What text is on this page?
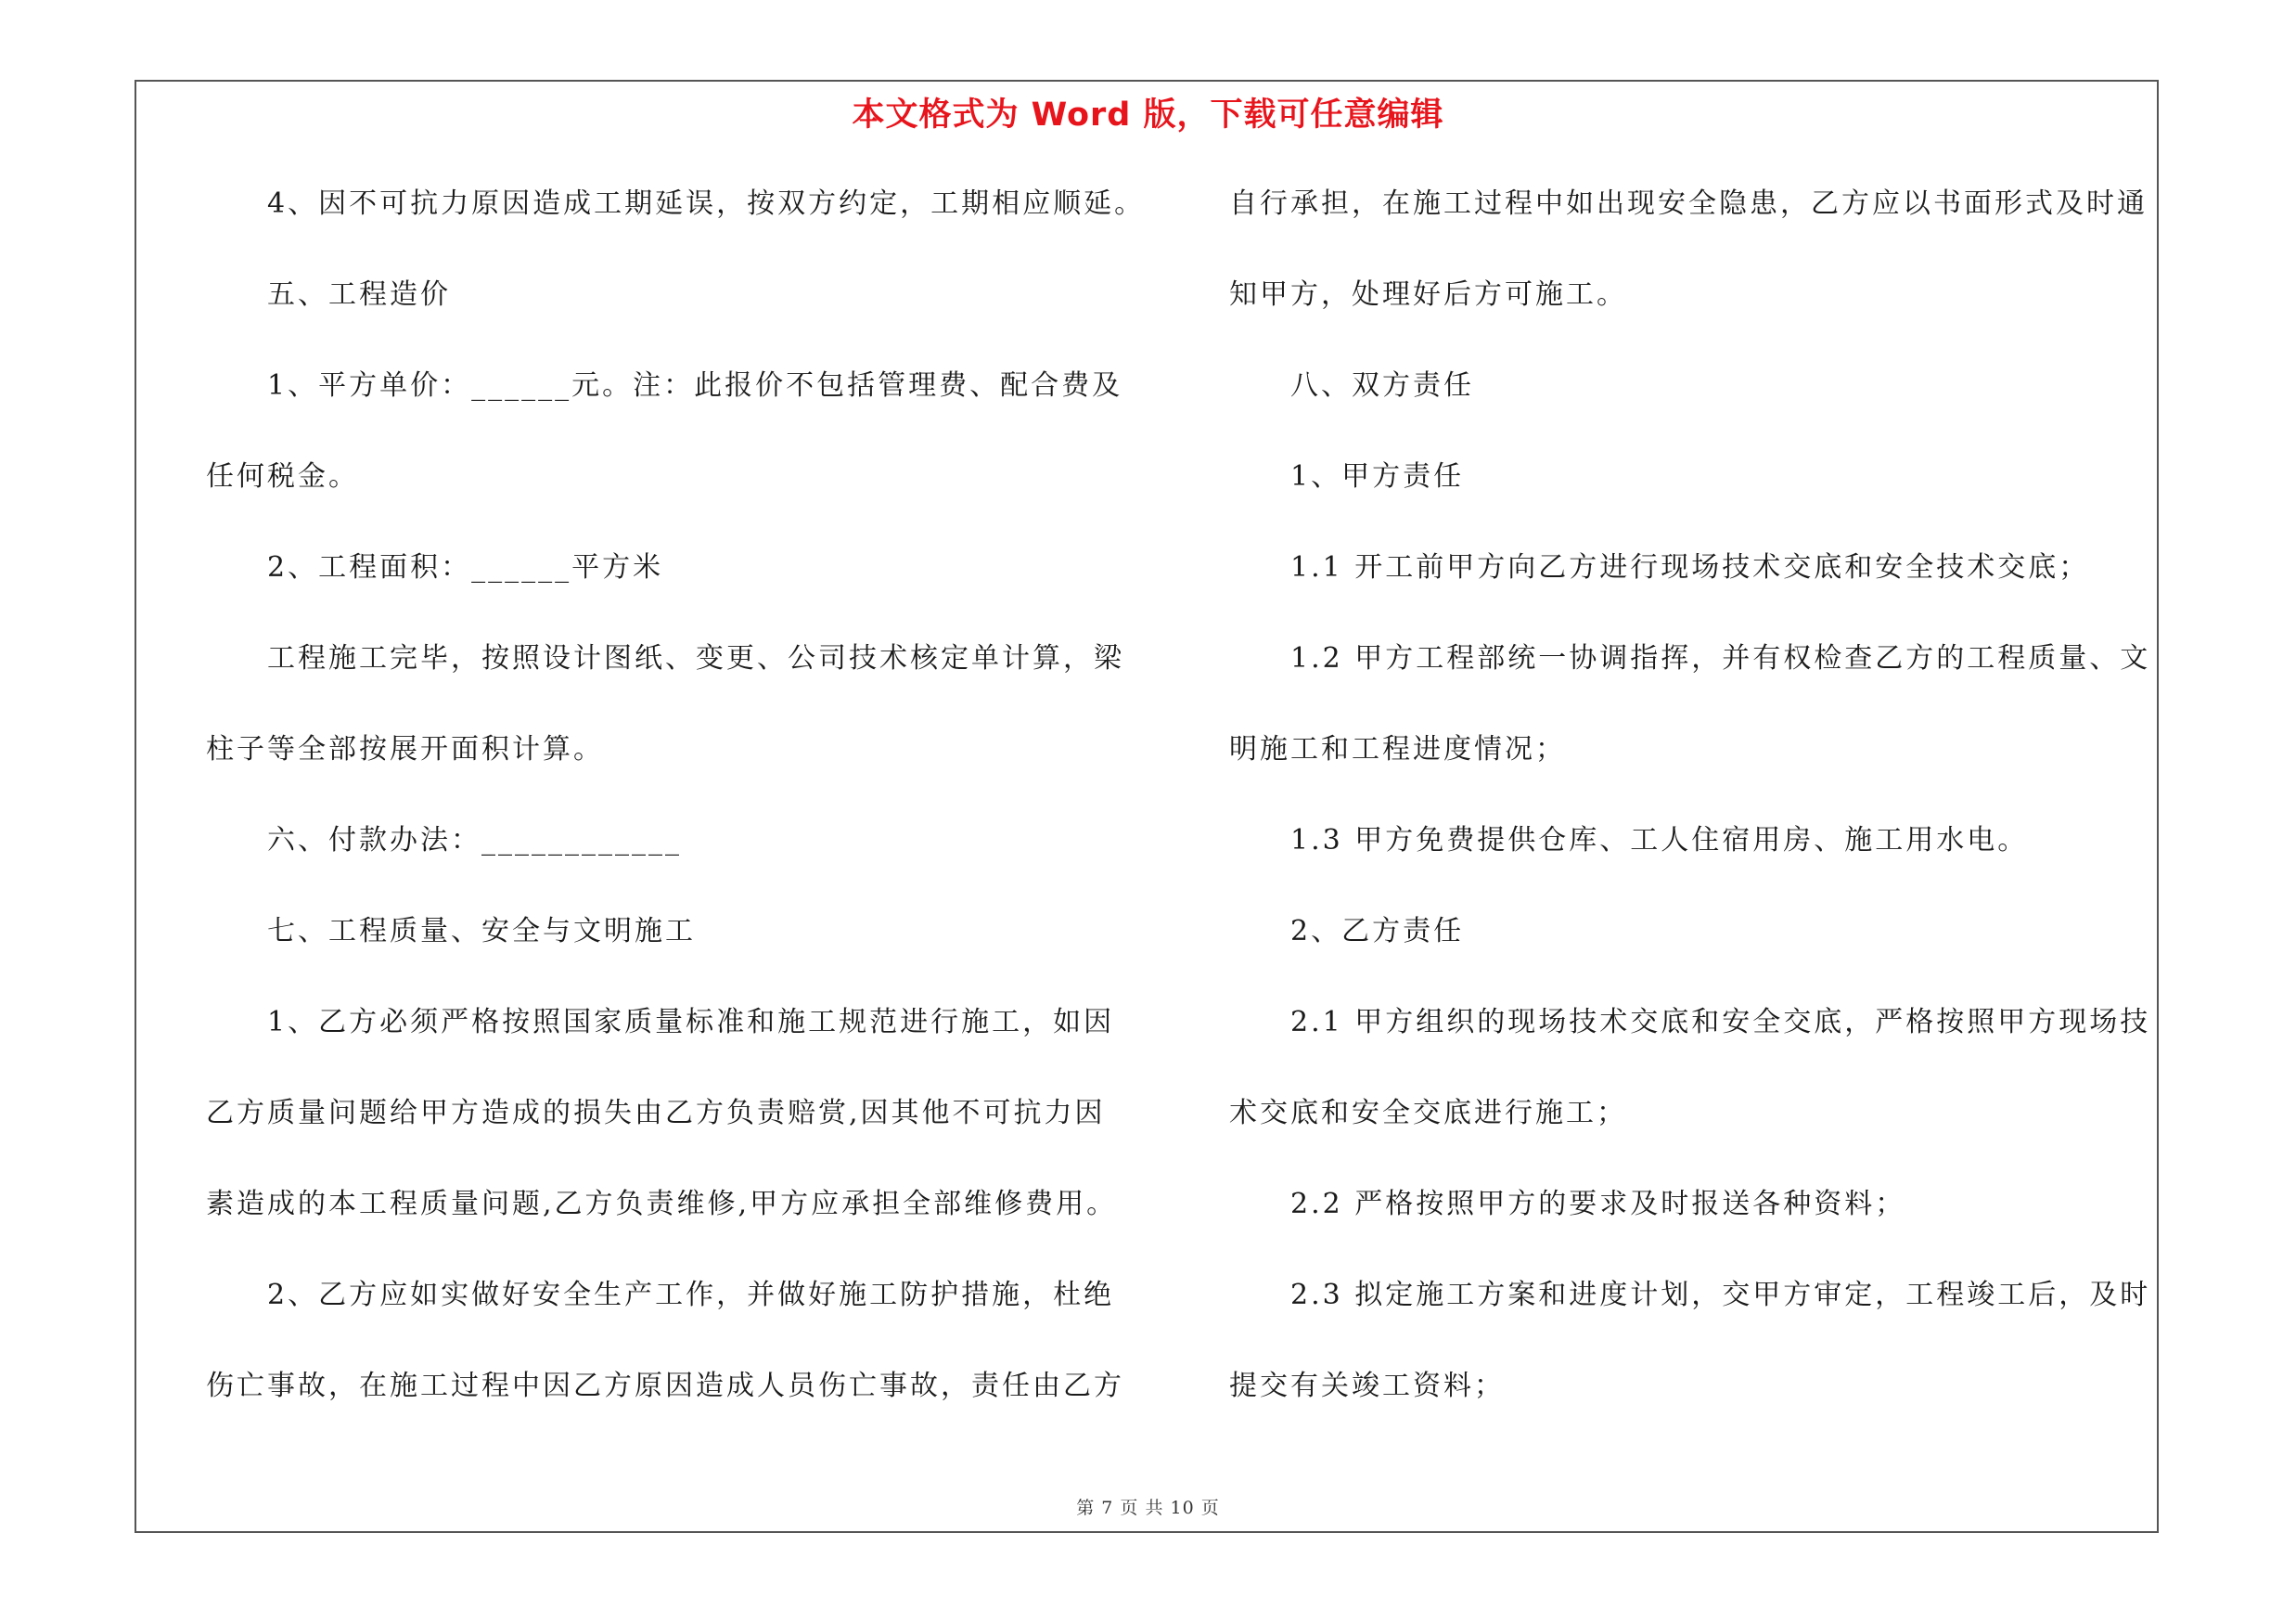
本文格式为 Word 版，下载可任意编辑
4、因不可抗力原因造成工期延误，按双方约定，工期相应顺延。
五、工程造价
1、平方单价：______元。注：此报价不包括管理费、配合费及
任何税金。
2、工程面积：______平方米
工程施工完毕，按照设计图纸、变更、公司技术核定单计算，梁
柱子等全部按展开面积计算。
六、付款办法：____________
七、工程质量、安全与文明施工
1、乙方必须严格按照国家质量标准和施工规范进行施工，如因
乙方质量问题给甲方造成的损失由乙方负责赔赏,因其他不可抗力因
素造成的本工程质量问题,乙方负责维修,甲方应承担全部维修费用。
2、乙方应如实做好安全生产工作，并做好施工防护措施，杜绝
伤亡事故，在施工过程中因乙方原因造成人员伤亡事故，责任由乙方
自行承担，在施工过程中如出现安全隐患，乙方应以书面形式及时通
知甲方，处理好后方可施工。
八、双方责任
1、甲方责任
1.1 开工前甲方向乙方进行现场技术交底和安全技术交底；
1.2 甲方工程部统一协调指挥，并有权检查乙方的工程质量、文
明施工和工程进度情况；
1.3 甲方免费提供仓库、工人住宿用房、施工用水电。
2、乙方责任
2.1 甲方组织的现场技术交底和安全交底，严格按照甲方现场技
术交底和安全交底进行施工；
2.2 严格按照甲方的要求及时报送各种资料；
2.3 拟定施工方案和进度计划，交甲方审定，工程竣工后，及时
提交有关竣工资料；
第 7 页 共 10 页
